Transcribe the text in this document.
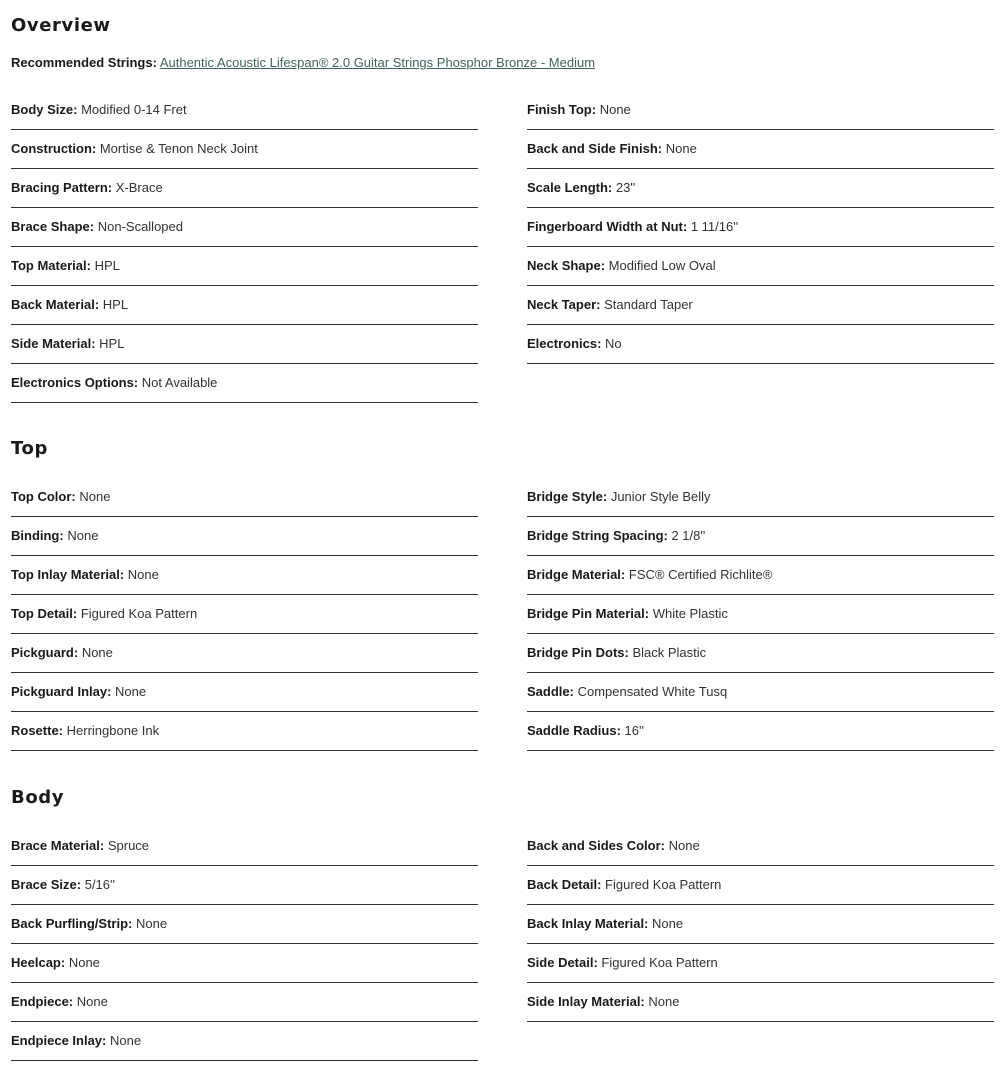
Overview
Recommended Strings: Authentic Acoustic Lifespan® 2.0 Guitar Strings Phosphor Bronze - Medium
Body Size: Modified 0-14 Fret
Construction: Mortise & Tenon Neck Joint
Bracing Pattern: X-Brace
Brace Shape: Non-Scalloped
Top Material: HPL
Back Material: HPL
Side Material: HPL
Electronics Options: Not Available
Finish Top: None
Back and Side Finish: None
Scale Length: 23''
Fingerboard Width at Nut: 1 11/16''
Neck Shape: Modified Low Oval
Neck Taper: Standard Taper
Electronics: No
Top
Top Color: None
Binding: None
Top Inlay Material: None
Top Detail: Figured Koa Pattern
Pickguard: None
Pickguard Inlay: None
Rosette: Herringbone Ink
Bridge Style: Junior Style Belly
Bridge String Spacing: 2 1/8''
Bridge Material: FSC® Certified Richlite®
Bridge Pin Material: White Plastic
Bridge Pin Dots: Black Plastic
Saddle: Compensated White Tusq
Saddle Radius: 16''
Body
Brace Material: Spruce
Brace Size: 5/16''
Back Purfling/Strip: None
Heelcap: None
Endpiece: None
Endpiece Inlay: None
Back and Sides Color: None
Back Detail: Figured Koa Pattern
Back Inlay Material: None
Side Detail: Figured Koa Pattern
Side Inlay Material: None
